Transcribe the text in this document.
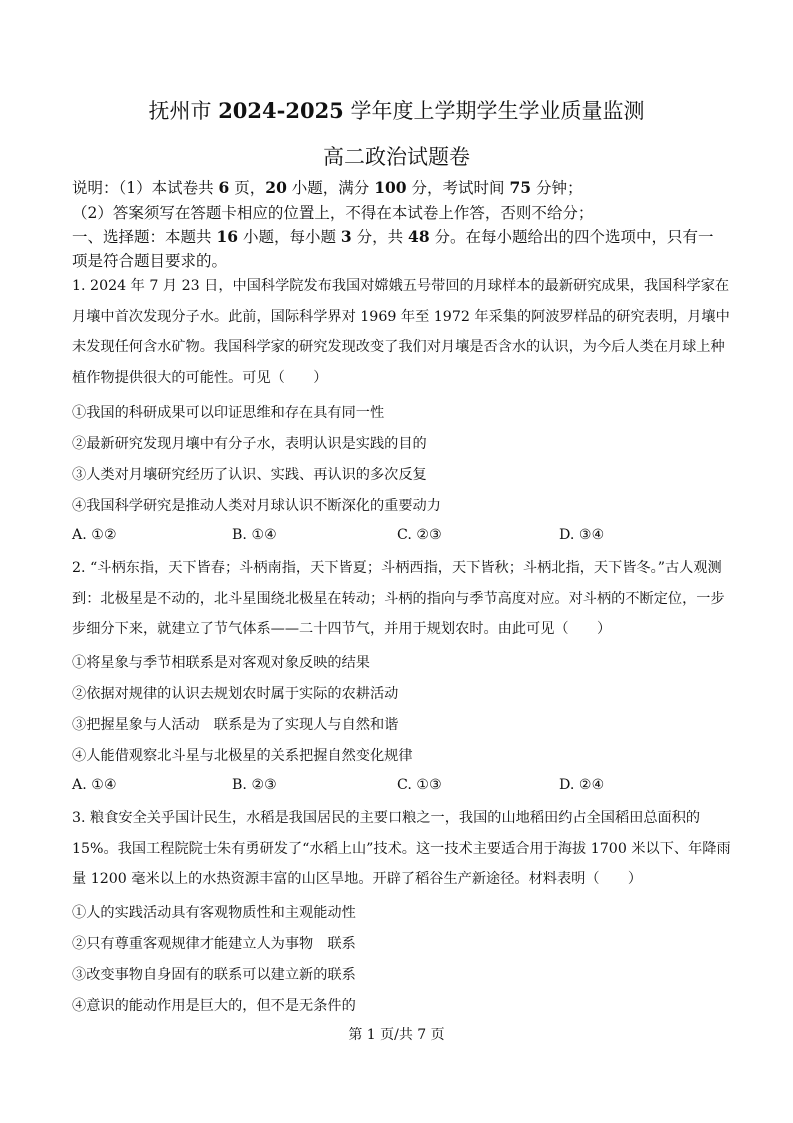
抚州市 2024-2025 学年度上学期学生学业质量监测
高二政治试题卷
说明：（1）本试卷共 6 页，20 小题，满分 100 分，考试时间 75 分钟；
（2）答案须写在答题卡相应的位置上，不得在本试卷上作答，否则不给分；
一、选择题：本题共 16 小题，每小题 3 分，共 48 分。在每小题给出的四个选项中，只有一
项是符合题目要求的。
1. 2024 年 7 月 23 日，中国科学院发布我国对嫦娥五号带回的月球样本的最新研究成果，我国科学家在月壤中首次发现分子水。此前，国际科学界对 1969 年至 1972 年采集的阿波罗样品的研究表明，月壤中未发现任何含水矿物。我国科学家的研究发现改变了我们对月壤是否含水的认识，为今后人类在月球上种植作物提供很大的可能性。可见（　　）
①我国的科研成果可以印证思维和存在具有同一性
②最新研究发现月壤中有分子水，表明认识是实践的目的
③人类对月壤研究经历了认识、实践、再认识的多次反复
④我国科学研究是推动人类对月球认识不断深化的重要动力
A. ①②	B. ①④	C. ②③	D. ③④
2. “斗柄东指，天下皆春；斗柄南指，天下皆夏；斗柄西指，天下皆秋；斗柄北指，天下皆冬。”古人观测到：北极星是不动的，北斗星围绕北极星在转动；斗柄的指向与季节高度对应。对斗柄的不断定位，一步步细分下来，就建立了节气体系——二十四节气，并用于规划农时。由此可见（　　）
①将星象与季节相联系是对客观对象反映的结果
②依据对规律的认识去规划农时属于实际的农耕活动
③把握星象与人活动　联系是为了实现人与自然和谐
④人能借观察北斗星与北极星的关系把握自然变化规律
A. ①④	B. ②③	C. ①③	D. ②④
3. 粮食安全关乎国计民生，水稻是我国居民的主要口粮之一，我国的山地稻田约占全国稻田总面积的 15%。我国工程院院士朱有勇研发了“水稻上山”技术。这一技术主要适合用于海拔 1700 米以下、年降雨量 1200 毫米以上的水热资源丰富的山区旱地。开辟了稻谷生产新途径。材料表明（　　）
①人的实践活动具有客观物质性和主观能动性
②只有尊重客观规律才能建立人为事物　联系
③改变事物自身固有的联系可以建立新的联系
④意识的能动作用是巨大的，但不是无条件的
第 1 页/共 7 页
